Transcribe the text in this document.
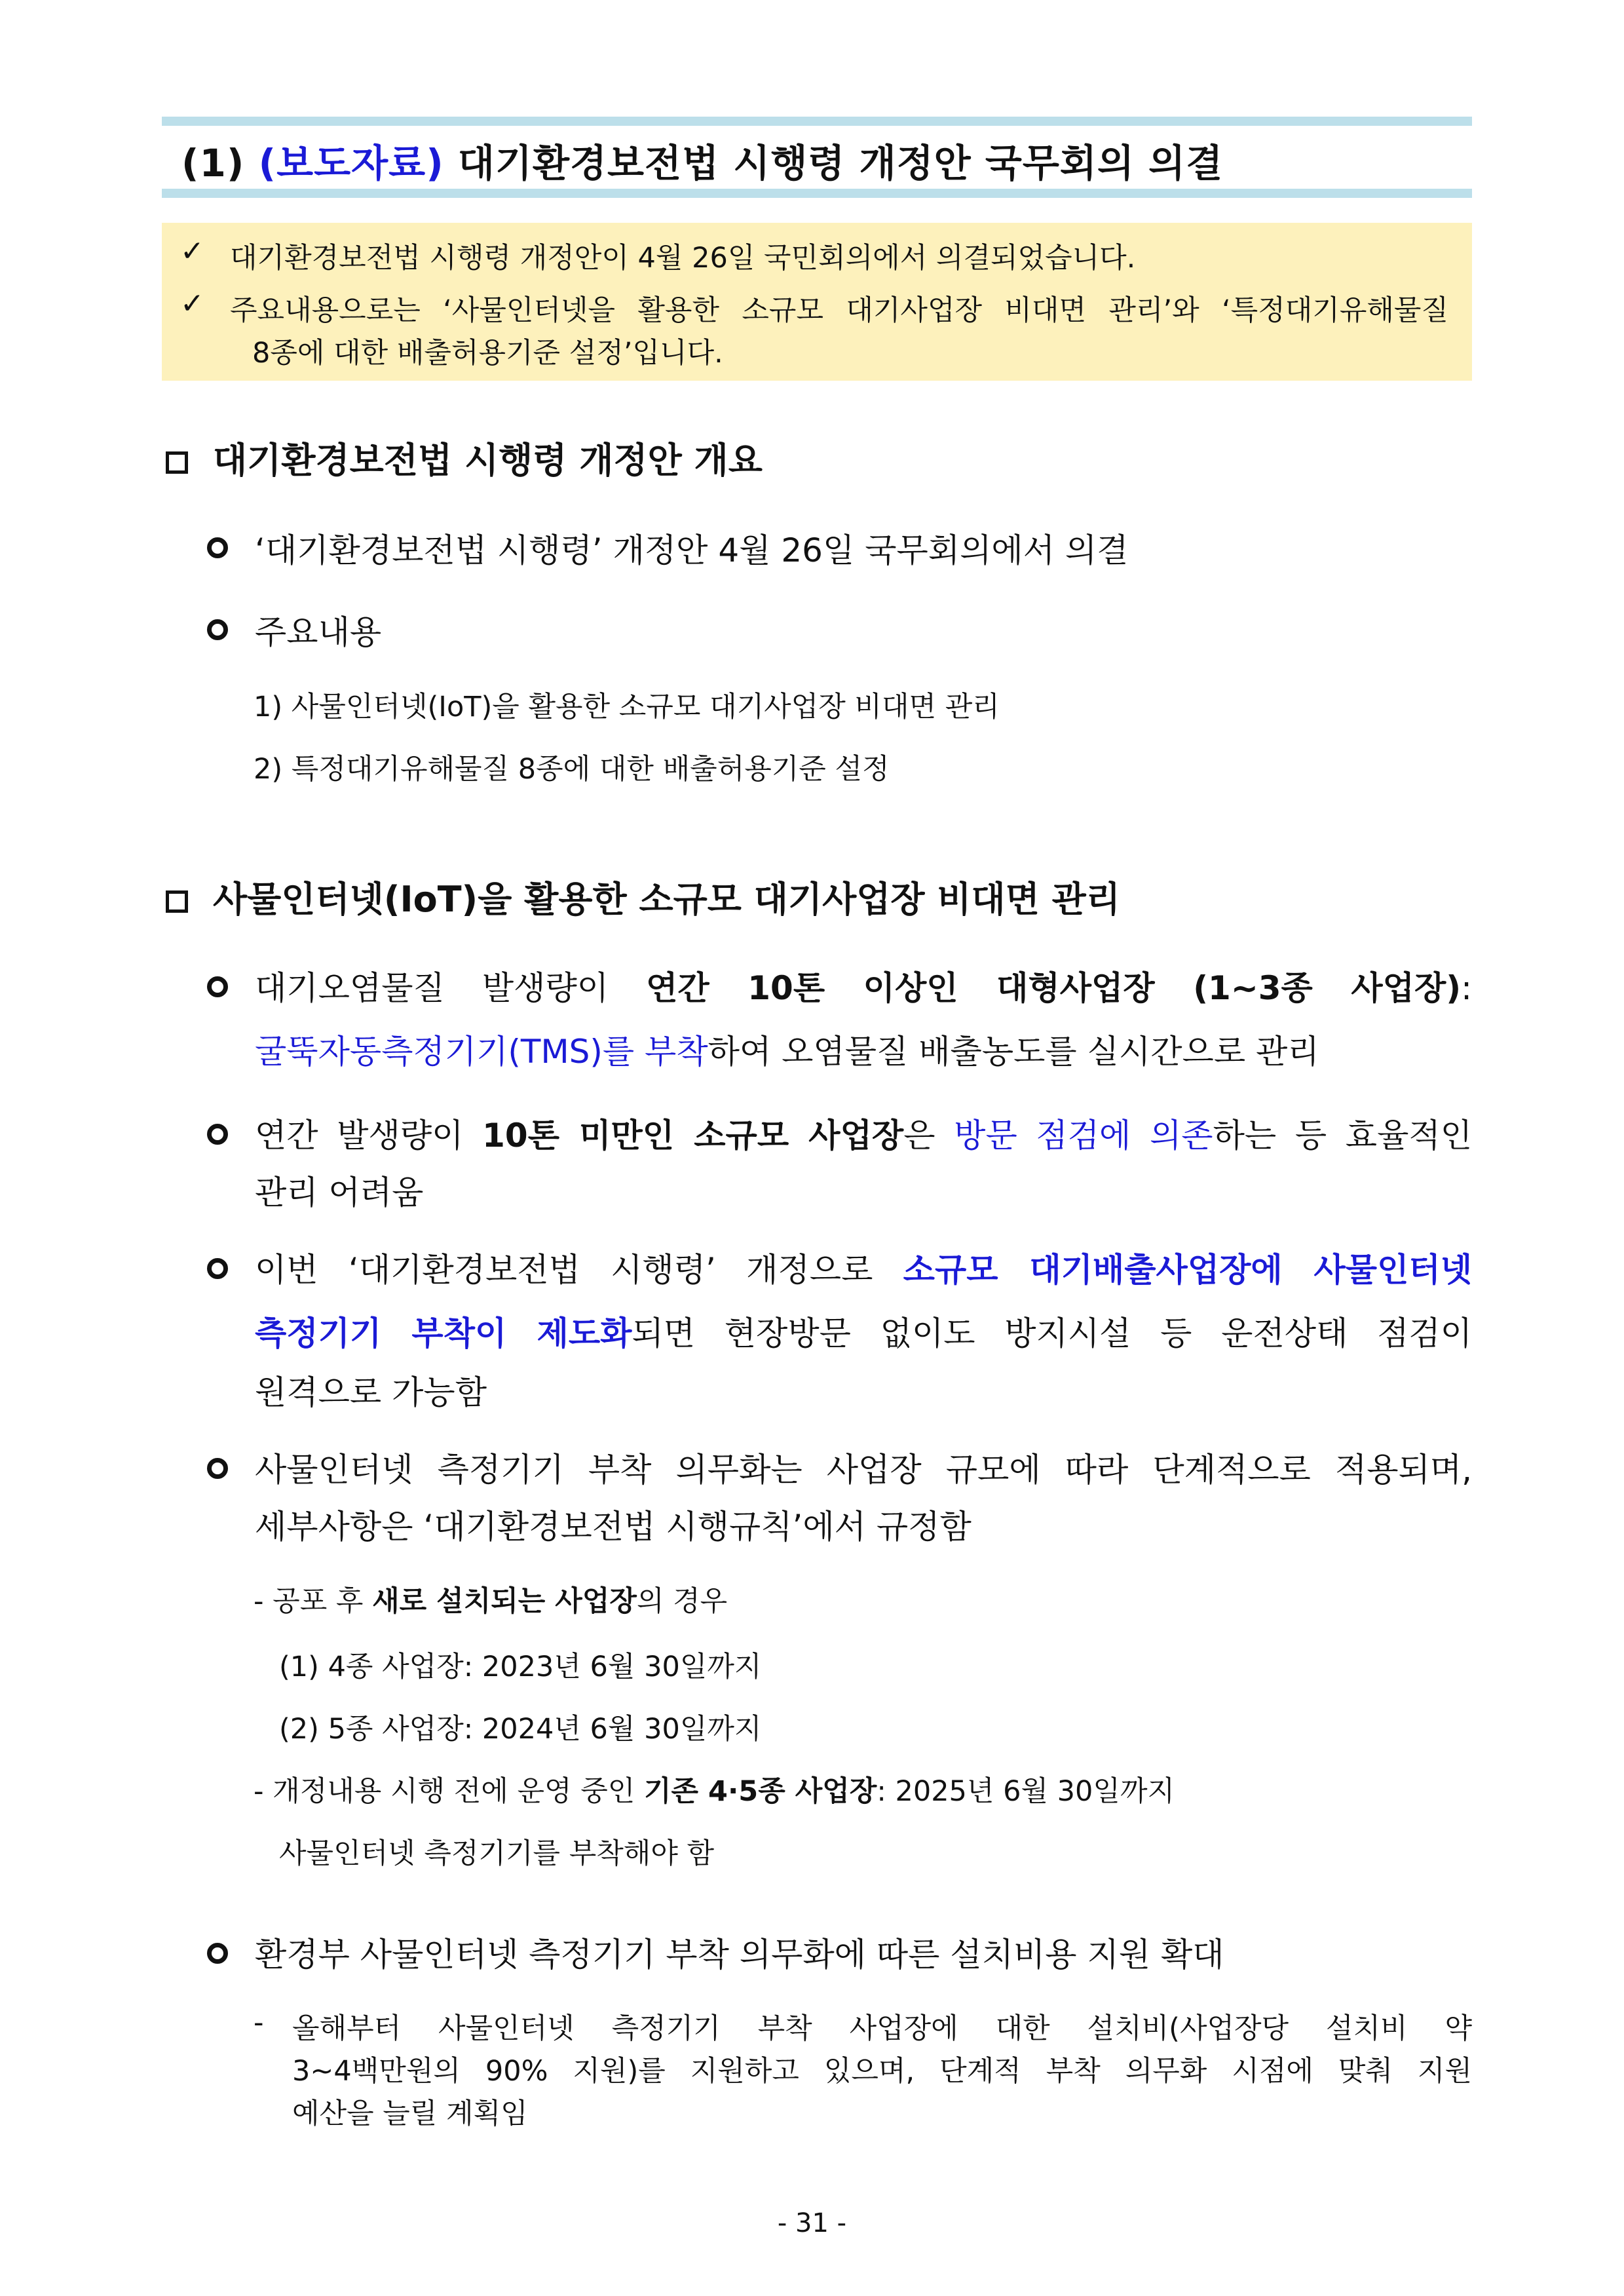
(1) (보도자료) 대기환경보전법 시행령 개정안 국무회의 의결
✓ 대기환경보전법 시행령 개정안이 4월 26일 국민회의에서 의결되었습니다.
✓ 주요내용으로는 ‘사물인터넷을 활용한 소규모 대기사업장 비대면 관리’와 ‘특정대기유해물질
8종에 대한 배출허용기준 설정’입니다.
대기환경보전법 시행령 개정안 개요
‘대기환경보전법 시행령’ 개정안 4월 26일 국무회의에서 의결
주요내용
1) 사물인터넷(IoT)을 활용한 소규모 대기사업장 비대면 관리
2) 특정대기유해물질 8종에 대한 배출허용기준 설정
사물인터넷(IoT)을 활용한 소규모 대기사업장 비대면 관리
대기오염물질 발생량이 연간 10톤 이상인 대형사업장 (1~3종 사업장):
굴뚝자동측정기기(TMS)를 부착하여 오염물질 배출농도를 실시간으로 관리
연간 발생량이 10톤 미만인 소규모 사업장은 방문 점검에 의존하는 등 효율적인
관리 어려움
이번 ‘대기환경보전법 시행령’ 개정으로 소규모 대기배출사업장에 사물인터넷
측정기기 부착이 제도화되면 현장방문 없이도 방지시설 등 운전상태 점검이
원격으로 가능함
사물인터넷 측정기기 부착 의무화는 사업장 규모에 따라 단계적으로 적용되며,
세부사항은 ‘대기환경보전법 시행규칙’에서 규정함
- 공포 후 새로 설치되는 사업장의 경우
(1) 4종 사업장: 2023년 6월 30일까지
(2) 5종 사업장: 2024년 6월 30일까지
- 개정내용 시행 전에 운영 중인 기존 4·5종 사업장: 2025년 6월 30일까지
사물인터넷 측정기기를 부착해야 함
환경부 사물인터넷 측정기기 부착 의무화에 따른 설치비용 지원 확대
- 올해부터 사물인터넷 측정기기 부착 사업장에 대한 설치비(사업장당 설치비 약
3~4백만원의 90% 지원)를 지원하고 있으며, 단계적 부착 의무화 시점에 맞춰 지원
예산을 늘릴 계획임
- 31 -
